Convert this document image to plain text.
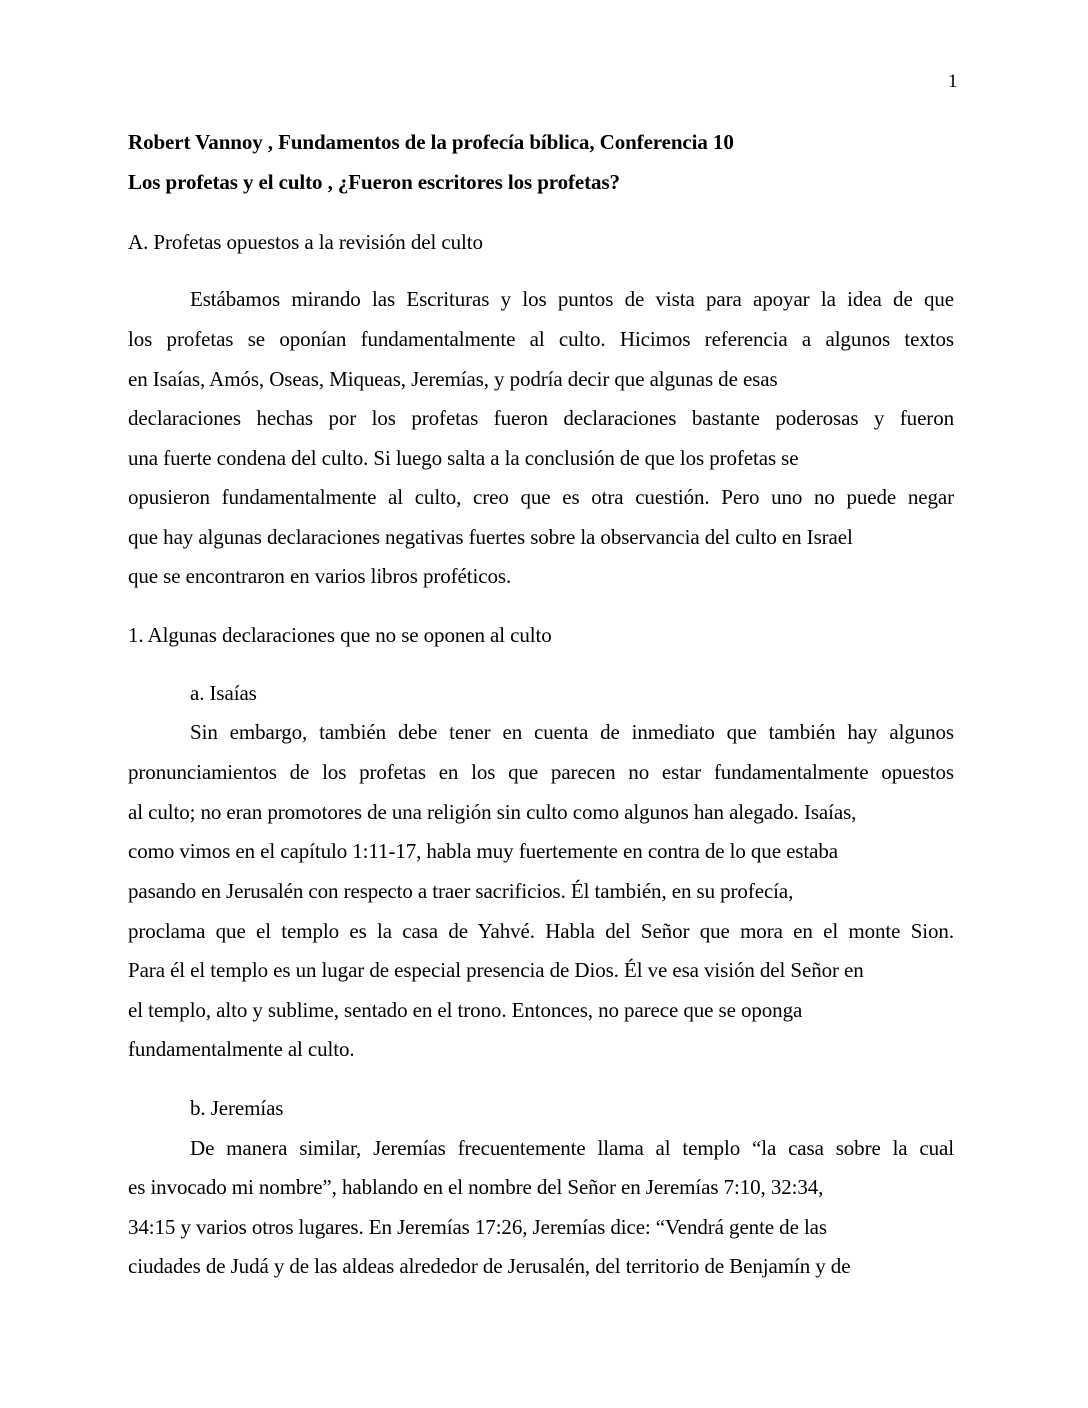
1
Robert Vannoy , Fundamentos de la profecía bíblica, Conferencia 10
Los profetas y el culto , ¿Fueron escritores los profetas?
A. Profetas opuestos a la revisión del culto
Estábamos mirando las Escrituras y los puntos de vista para apoyar la idea de que
los profetas se oponían fundamentalmente al culto. Hicimos referencia a algunos textos
en Isaías, Amós, Oseas, Miqueas, Jeremías, y podría decir que algunas de esas
declaraciones hechas por los profetas fueron declaraciones bastante poderosas y fueron
una fuerte condena del culto. Si luego salta a la conclusión de que los profetas se
opusieron fundamentalmente al culto, creo que es otra cuestión. Pero uno no puede negar
que hay algunas declaraciones negativas fuertes sobre la observancia del culto en Israel
que se encontraron en varios libros proféticos.
1. Algunas declaraciones que no se oponen al culto
a. Isaías
Sin embargo, también debe tener en cuenta de inmediato que también hay algunos
pronunciamientos de los profetas en los que parecen no estar fundamentalmente opuestos
al culto; no eran promotores de una religión sin culto como algunos han alegado. Isaías,
como vimos en el capítulo 1:11-17, habla muy fuertemente en contra de lo que estaba
pasando en Jerusalén con respecto a traer sacrificios. Él también, en su profecía,
proclama que el templo es la casa de Yahvé. Habla del Señor que mora en el monte Sion.
Para él el templo es un lugar de especial presencia de Dios. Él ve esa visión del Señor en
el templo, alto y sublime, sentado en el trono. Entonces, no parece que se oponga
fundamentalmente al culto.
b. Jeremías
De manera similar, Jeremías frecuentemente llama al templo “la casa sobre la cual
es invocado mi nombre”, hablando en el nombre del Señor en Jeremías 7:10, 32:34,
34:15 y varios otros lugares. En Jeremías 17:26, Jeremías dice: “Vendrá gente de las
ciudades de Judá y de las aldeas alrededor de Jerusalén, del territorio de Benjamín y de
